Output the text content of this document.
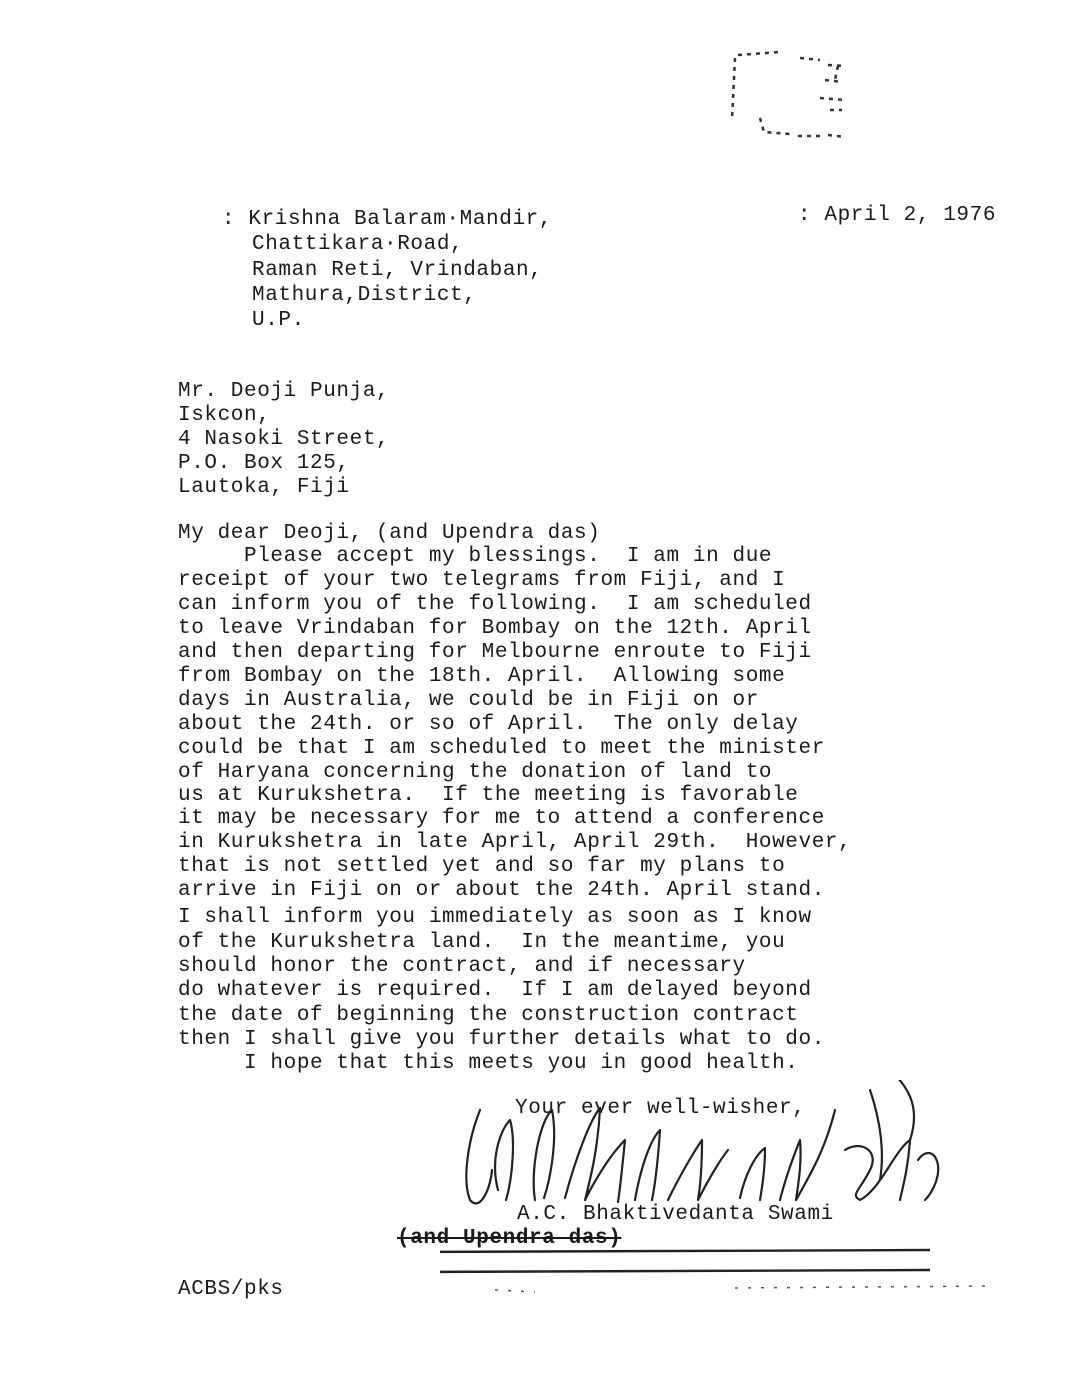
: Krishna Balaram·Mandir,
Chattikara·Road,
Raman Reti, Vrindaban,
Mathura,District,
U.P.
: April 2, 1976
Mr. Deoji Punja,
Iskcon,
4 Nasoki Street,
P.O. Box 125,
Lautoka, Fiji
My dear Deoji, (and Upendra das)
Please accept my blessings.  I am in due
receipt of your two telegrams from Fiji, and I
can inform you of the following.  I am scheduled
to leave Vrindaban for Bombay on the 12th. April
and then departing for Melbourne enroute to Fiji
from Bombay on the 18th. April.  Allowing some
days in Australia, we could be in Fiji on or
about the 24th. or so of April.  The only delay
could be that I am scheduled to meet the minister
of Haryana concerning the donation of land to
us at Kurukshetra.  If the meeting is favorable
it may be necessary for me to attend a conference
in Kurukshetra in late April, April 29th.  However,
that is not settled yet and so far my plans to
arrive in Fiji on or about the 24th. April stand.
I shall inform you immediately as soon as I know
of the Kurukshetra land.  In the meantime, you
should honor the contract, and if necessary
do whatever is required.  If I am delayed beyond
the date of beginning the construction contract
then I shall give you further details what to do.
I hope that this meets you in good health.
Your ever well-wisher,
A.C. Bhaktivedanta Swami
(and Upendra das)
ACBS/pks
